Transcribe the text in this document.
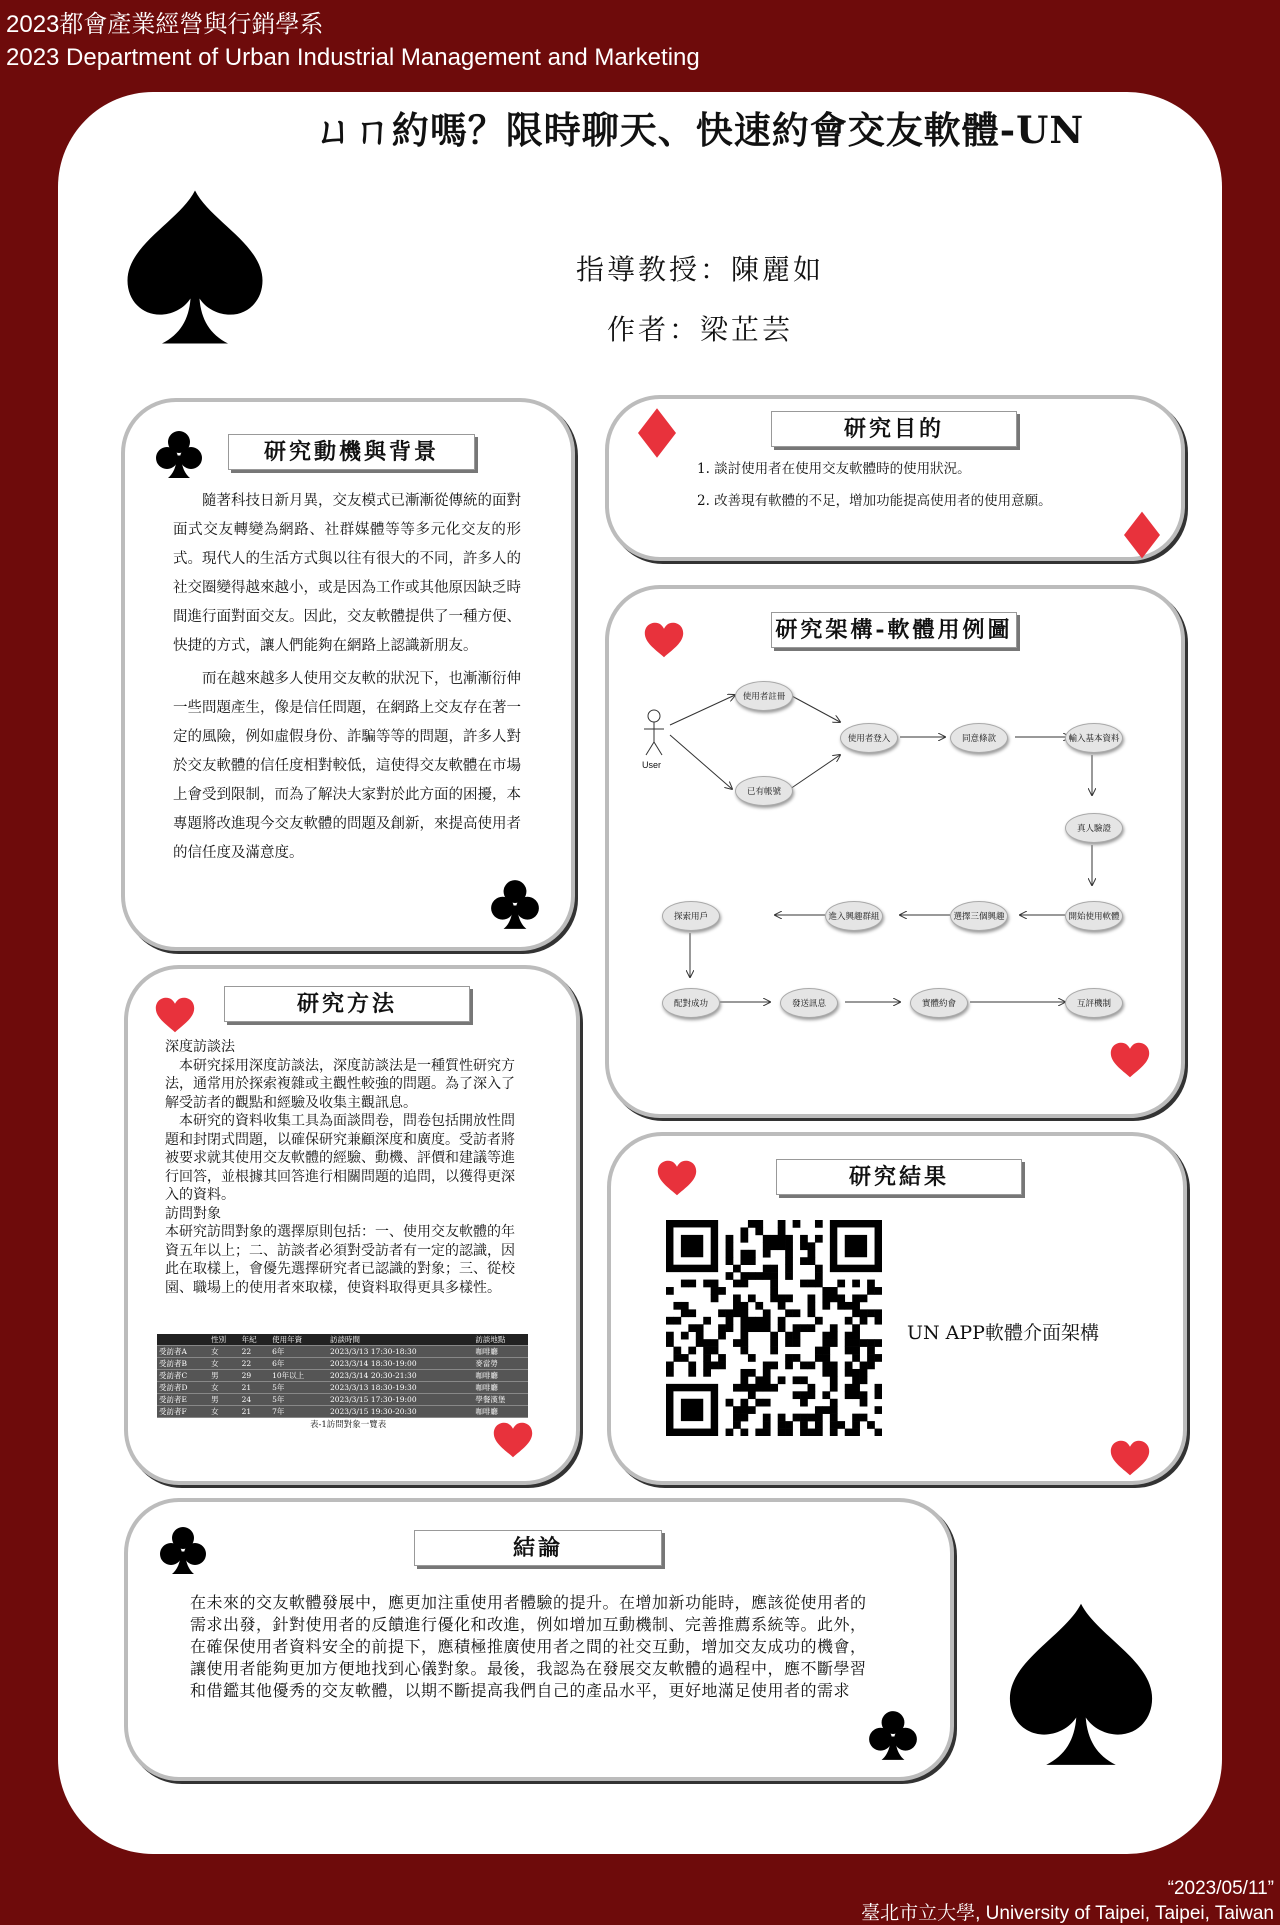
2023都會產業經營與行銷學系
2023 Department of Urban Industrial Management and Marketing
ㄩㄇ約嗎？限時聊天、快速約會交友軟體-UN
指導教授：陳麗如
作者：梁芷芸
研究動機與背景

隨著科技日新月異，交友模式已漸漸從傳統的面對面式交友轉變為網路、社群媒體等等多元化交友的形式。現代人的生活方式與以往有很大的不同，許多人的社交圈變得越來越小，或是因為工作或其他原因缺乏時間進行面對面交友。因此，交友軟體提供了一種方便、快捷的方式，讓人們能夠在網路上認識新朋友。

而在越來越多人使用交友軟的狀況下，也漸漸衍伸一些問題產生，像是信任問題，在網路上交友存在著一定的風險，例如虛假身份、詐騙等等的問題，許多人對於交友軟體的信任度相對較低，這使得交友軟體在市場上會受到限制，而為了解決大家對於此方面的困擾，本專題將改進現今交友軟體的問題及創新，來提高使用者的信任度及滿意度。

研究目的
1. 談討使用者在使用交友軟體時的使用狀況。
2. 改善現有軟體的不足，增加功能提高使用者的使用意願。
研究架構-軟體用例圖
User
使用者註冊
已有帳號
使用者登入	同意條款	輸入基本資料
真人驗證
開始使用軟體
選擇三個興趣
進入興趣群組
探索用戶
配對成功	發送訊息	實體約會	互評機制
研究方法

深度訪談法

本研究採用深度訪談法，深度訪談法是一種質性研究方法，通常用於探索複雜或主觀性較強的問題。為了深入了解受訪者的觀點和經驗及收集主觀訊息。

本研究的資料收集工具為面談問卷，問卷包括開放性問題和封閉式問題，以確保研究兼顧深度和廣度。受訪者將被要求就其使用交友軟體的經驗、動機、評價和建議等進行回答，並根據其回答進行相關問題的追問，以獲得更深入的資料。

訪問對象

本研究訪問對象的選擇原則包括：一、使用交友軟體的年資五年以上；二、訪談者必須對受訪者有一定的認識，因此在取樣上，會優先選擇研究者已認識的對象；三、從校園、職場上的使用者來取樣，使資料取得更具多樣性。

	性別	年紀	使用年資	訪談時間	訪談地點
受訪者A	女	22	6年	2023/3/13 17:30-18:30	咖啡廳
受訪者B	女	22	6年	2023/3/14 18:30-19:00	麥當勞
受訪者C	男	29	10年以上	2023/3/14 20:30-21:30	咖啡廳
受訪者D	女	21	5年	2023/3/13 18:30-19:30	咖啡廳
受訪者E	男	24	5年	2023/3/15 17:30-19:00	學餐漢堡
受訪者F	女	21	7年	2023/3/15 19:30-20:30	咖啡廳
表-1訪問對象一覽表
研究結果
UN APP軟體介面架構
結論
在未來的交友軟體發展中，應更加注重使用者體驗的提升。在增加新功能時，應該從使用者的需求出發，針對使用者的反饋進行優化和改進，例如增加互動機制、完善推薦系統等。此外，在確保使用者資料安全的前提下，應積極推廣使用者之間的社交互動，增加交友成功的機會，讓使用者能夠更加方便地找到心儀對象。最後，我認為在發展交友軟體的過程中，應不斷學習和借鑑其他優秀的交友軟體，以期不斷提高我們自己的產品水平，更好地滿足使用者的需求
“2023/05/11”
臺北市立大學, University of Taipei, Taipei, Taiwan
